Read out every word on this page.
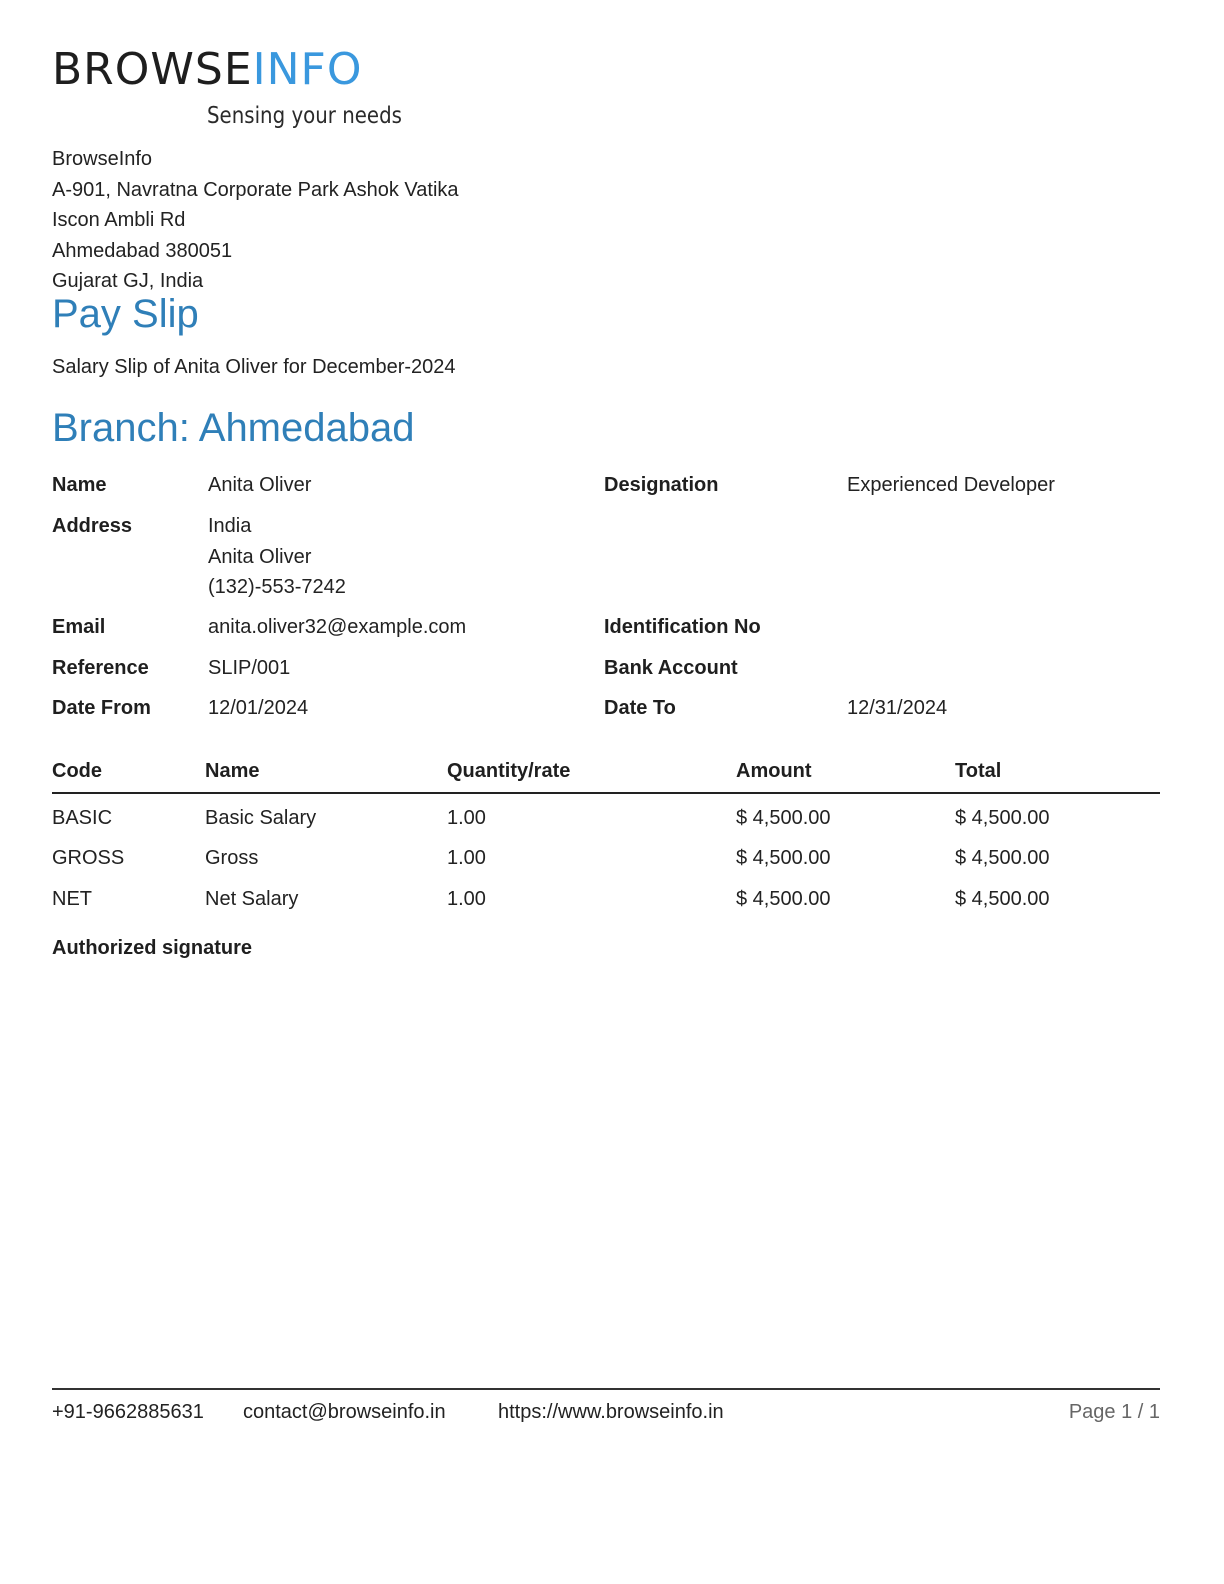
BROWSEINFO
Sensing your needs
BrowseInfo
A-901, Navratna Corporate Park Ashok Vatika
Iscon Ambli Rd
Ahmedabad 380051
Gujarat GJ, India
Pay Slip
Salary Slip of Anita Oliver for December-2024
Branch: Ahmedabad
Name	Anita Oliver	Designation	Experienced Developer
Address	India
Anita Oliver
(132)-553-7242
Email	anita.oliver32@example.com	Identification No
Reference	SLIP/001	Bank Account
Date From	12/01/2024	Date To	12/31/2024
Code	Name	Quantity/rate	Amount	Total
BASIC	Basic Salary	1.00	$ 4,500.00	$ 4,500.00
GROSS	Gross	1.00	$ 4,500.00	$ 4,500.00
NET	Net Salary	1.00	$ 4,500.00	$ 4,500.00
Authorized signature
+91-9662885631 contact@browseinfo.in	https://www.browseinfo.in	Page 1 / 1
